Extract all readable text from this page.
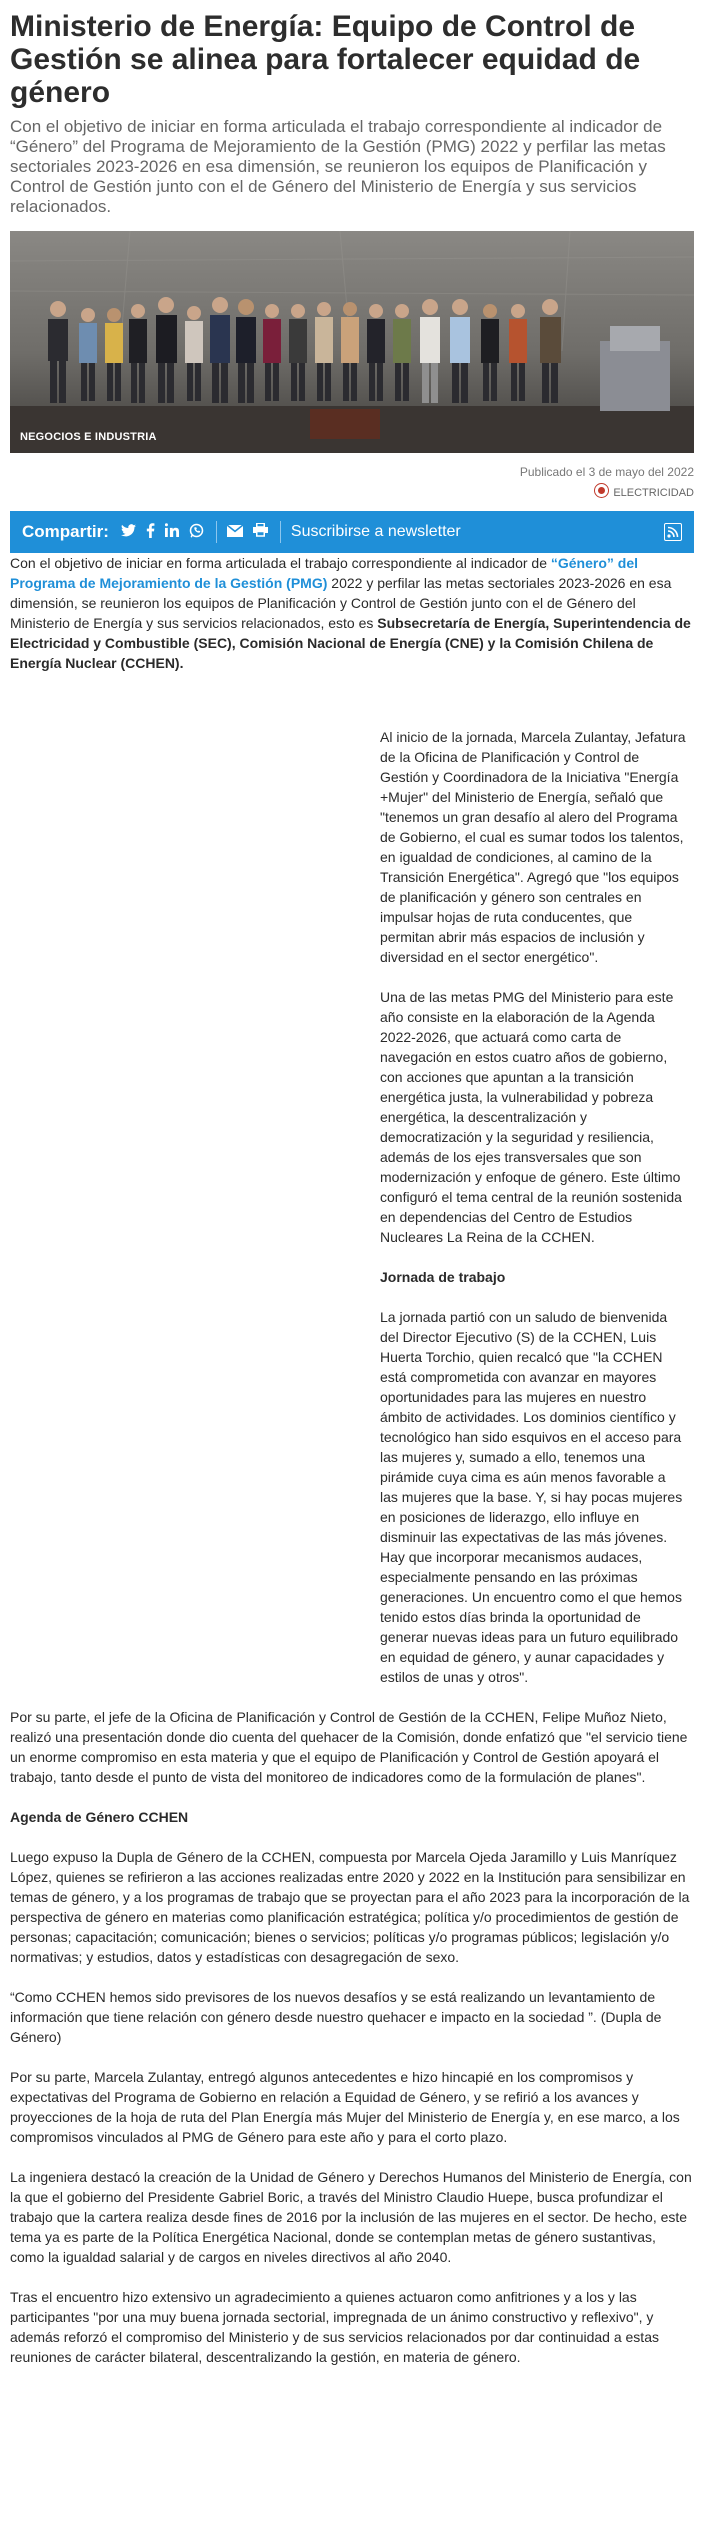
Ministerio de Energía: Equipo de Control de Gestión se alinea para fortalecer equidad de género

Con el objetivo de iniciar en forma articulada el trabajo correspondiente al indicador de “Género” del Programa de Mejoramiento de la Gestión (PMG) 2022 y perfilar las metas sectoriales 2023-2026 en esa dimensión, se reunieron los equipos de Planificación y Control de Gestión junto con el de Género del Ministerio de Energía y sus servicios relacionados.

NEGOCIOS E INDUSTRIA
Publicado el 3 de mayo del 2022
ELECTRICIDAD
Compartir:	Suscribirse a newsletter

Con el objetivo de iniciar en forma articulada el trabajo correspondiente al indicador de “Género” del Programa de Mejoramiento de la Gestión (PMG) 2022 y perfilar las metas sectoriales 2023-2026 en esa dimensión, se reunieron los equipos de Planificación y Control de Gestión junto con el de Género del Ministerio de Energía y sus servicios relacionados, esto es Subsecretaría de Energía, Superintendencia de Electricidad y Combustible (SEC), Comisión Nacional de Energía (CNE) y la Comisión Chilena de Energía Nuclear (CCHEN).

Al inicio de la jornada, Marcela Zulantay, Jefatura de la Oficina de Planificación y Control de Gestión y Coordinadora de la Iniciativa "Energía +Mujer" del Ministerio de Energía, señaló que "tenemos un gran desafío al alero del Programa de Gobierno, el cual es sumar todos los talentos, en igualdad de condiciones, al camino de la Transición Energética". Agregó que "los equipos de planificación y género son centrales en impulsar hojas de ruta conducentes, que permitan abrir más espacios de inclusión y diversidad en el sector energético".

Una de las metas PMG del Ministerio para este año consiste en la elaboración de la Agenda 2022-2026, que actuará como carta de navegación en estos cuatro años de gobierno, con acciones que apuntan a la transición energética justa, la vulnerabilidad y pobreza energética, la descentralización y democratización y la seguridad y resiliencia, además de los ejes transversales que son modernización y enfoque de género. Este último configuró el tema central de la reunión sostenida en dependencias del Centro de Estudios Nucleares La Reina de la CCHEN.

Jornada de trabajo

La jornada partió con un saludo de bienvenida del Director Ejecutivo (S) de la CCHEN, Luis Huerta Torchio, quien recalcó que "la CCHEN está comprometida con avanzar en mayores oportunidades para las mujeres en nuestro ámbito de actividades. Los dominios científico y tecnológico han sido esquivos en el acceso para las mujeres y, sumado a ello, tenemos una pirámide cuya cima es aún menos favorable a las mujeres que la base. Y, si hay pocas mujeres en posiciones de liderazgo, ello influye en disminuir las expectativas de las más jóvenes. Hay que incorporar mecanismos audaces, especialmente pensando en las próximas generaciones. Un encuentro como el que hemos tenido estos días brinda la oportunidad de generar nuevas ideas para un futuro equilibrado en equidad de género, y aunar capacidades y estilos de unas y otros".

Por su parte, el jefe de la Oficina de Planificación y Control de Gestión de la CCHEN, Felipe Muñoz Nieto, realizó una presentación donde dio cuenta del quehacer de la Comisión, donde enfatizó que "el servicio tiene un enorme compromiso en esta materia y que el equipo de Planificación y Control de Gestión apoyará el trabajo, tanto desde el punto de vista del monitoreo de indicadores como de la formulación de planes".

Agenda de Género CCHEN

Luego expuso la Dupla de Género de la CCHEN, compuesta por Marcela Ojeda Jaramillo y Luis Manríquez López, quienes se refirieron a las acciones realizadas entre 2020 y 2022 en la Institución para sensibilizar en temas de género, y a los programas de trabajo que se proyectan para el año 2023 para la incorporación de la perspectiva de género en materias como planificación estratégica; política y/o procedimientos de gestión de personas; capacitación; comunicación; bienes o servicios; políticas y/o programas públicos; legislación y/o normativas; y estudios, datos y estadísticas con desagregación de sexo.

“Como CCHEN hemos sido previsores de los nuevos desafíos y se está realizando un levantamiento de información que tiene relación con género desde nuestro quehacer e impacto en la sociedad ”. (Dupla de Género)

Por su parte, Marcela Zulantay, entregó algunos antecedentes e hizo hincapié en los compromisos y expectativas del Programa de Gobierno en relación a Equidad de Género, y se refirió a los avances y proyecciones de la hoja de ruta del Plan Energía más Mujer del Ministerio de Energía y, en ese marco, a los compromisos vinculados al PMG de Género para este año y para el corto plazo.

La ingeniera destacó la creación de la Unidad de Género y Derechos Humanos del Ministerio de Energía, con la que el gobierno del Presidente Gabriel Boric, a través del Ministro Claudio Huepe, busca profundizar el trabajo que la cartera realiza desde fines de 2016 por la inclusión de las mujeres en el sector. De hecho, este tema ya es parte de la Política Energética Nacional, donde se contemplan metas de género sustantivas, como la igualdad salarial y de cargos en niveles directivos al año 2040.

Tras el encuentro hizo extensivo un agradecimiento a quienes actuaron como anfitriones y a los y las participantes "por una muy buena jornada sectorial, impregnada de un ánimo constructivo y reflexivo", y además reforzó el compromiso del Ministerio y de sus servicios relacionados por dar continuidad a estas reuniones de carácter bilateral, descentralizando la gestión, en materia de género.
